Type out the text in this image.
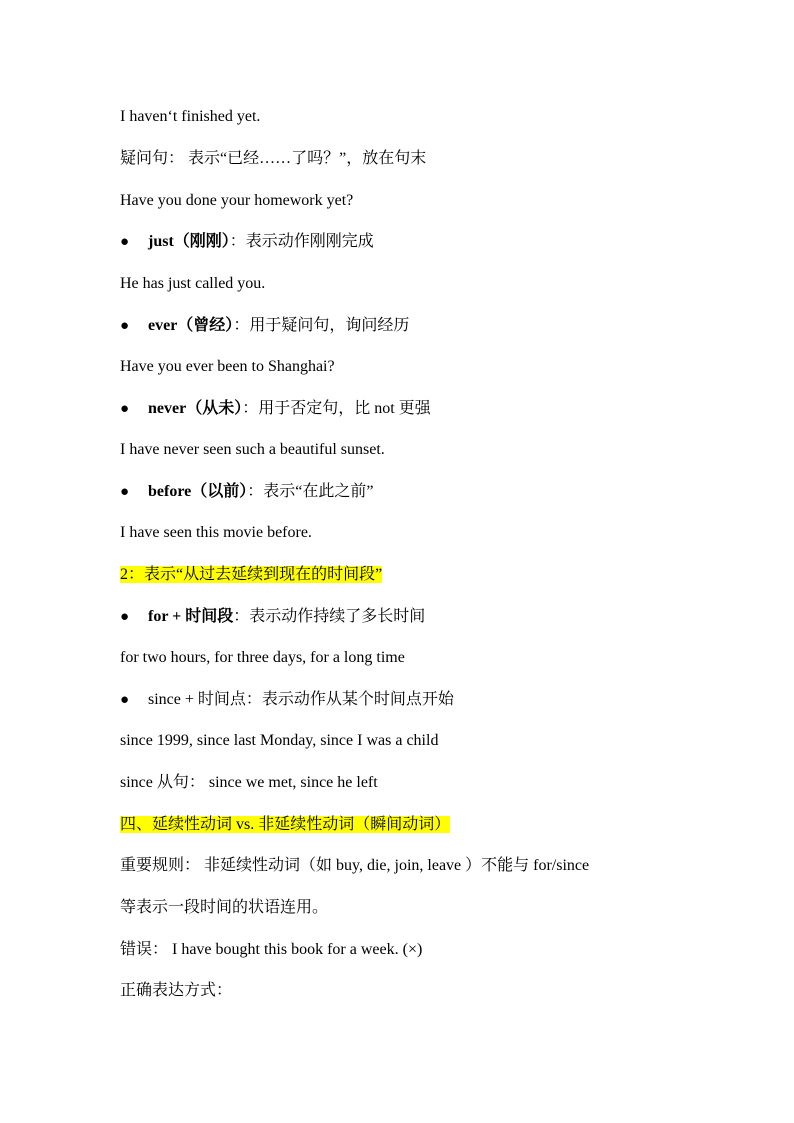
I haven‘t finished yet.
疑问句： 表示“已经……了吗？”，放在句末
Have you done your homework yet?
● just（刚刚）：表示动作刚刚完成
He has just called you.
● ever（曾经）：用于疑问句，询问经历
Have you ever been to Shanghai?
● never（从未）：用于否定句，比 not 更强
I have never seen such a beautiful sunset.
● before（以前）：表示“在此之前”
I have seen this movie before.
2：表示“从过去延续到现在的时间段”
● for + 时间段：表示动作持续了多长时间
for two hours, for three days, for a long time
● since + 时间点：表示动作从某个时间点开始
since 1999, since last Monday, since I was a child
since 从句： since we met, since he left
四、延续性动词 vs. 非延续性动词（瞬间动词）
重要规则： 非延续性动词（如 buy, die, join, leave ）不能与 for/since
等表示一段时间的状语连用。
错误： I have bought this book for a week. (×)
正确表达方式：
